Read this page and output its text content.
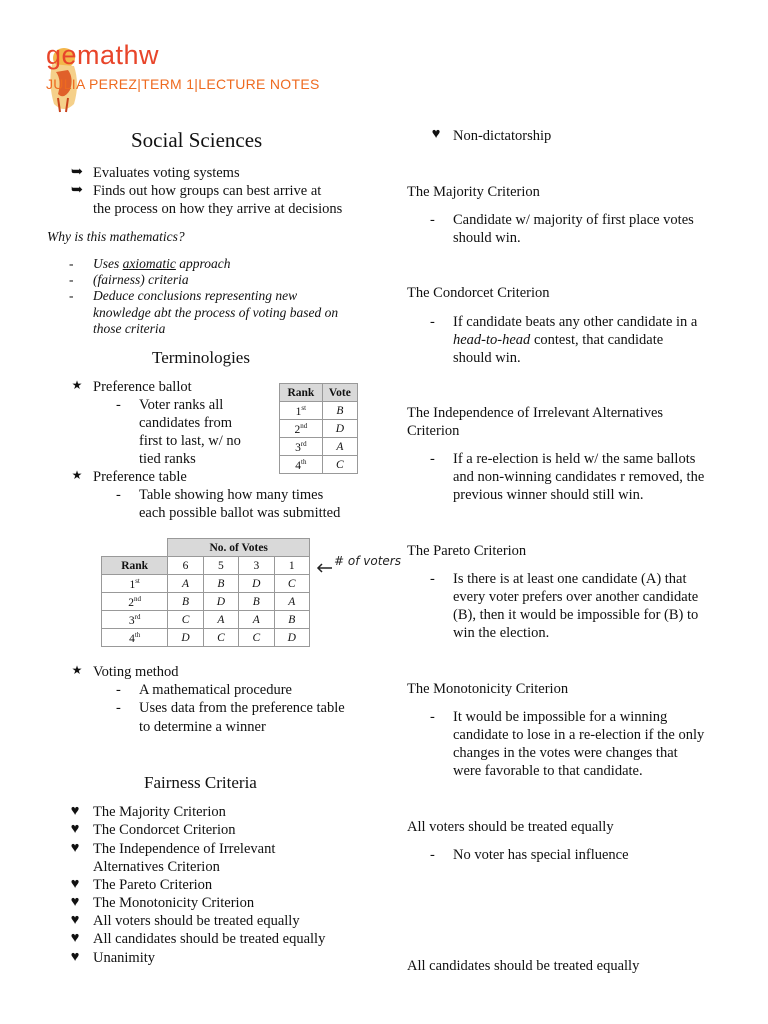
gemathw
JULIA PEREZ|TERM 1|LECTURE NOTES
Social Sciences
➥ Evaluates voting systems
➥ Finds out how groups can best arrive at
the process on how they arrive at decisions
Why is this mathematics?
- Uses axiomatic approach
- (fairness) criteria
- Deduce conclusions representing new
knowledge abt the process of voting based on
those criteria
Terminologies
★ Preference ballot
- Voter ranks all
candidates from
first to last, w/ no
tied ranks
Rank	Vote
1st	B
2nd	D
3rd	A
4th	C
★ Preference table
- Table showing how many times
each possible ballot was submitted
	No. of Votes			
Rank	6	5	3	1
1st	A	B	D	C
2nd	B	D	B	A
3rd	C	A	A	B
4th	D	C	C	D
# of voters
★ Voting method
- A mathematical procedure
- Uses data from the preference table
to determine a winner
Fairness Criteria
♥ The Majority Criterion
♥ The Condorcet Criterion
♥ The Independence of Irrelevant
Alternatives Criterion
♥ The Pareto Criterion
♥ The Monotonicity Criterion
♥ All voters should be treated equally
♥ All candidates should be treated equally
♥ Unanimity
♥ Non-dictatorship
The Majority Criterion
- Candidate w/ majority of first place votes
should win.
The Condorcet Criterion
- If candidate beats any other candidate in a
head-to-head contest, that candidate
should win.
The Independence of Irrelevant Alternatives
Criterion
- If a re-election is held w/ the same ballots
and non-winning candidates r removed, the
previous winner should still win.
The Pareto Criterion
- Is there is at least one candidate (A) that
every voter prefers over another candidate
(B), then it would be impossible for (B) to
win the election.
The Monotonicity Criterion
- It would be impossible for a winning
candidate to lose in a re-election if the only
changes in the votes were changes that
were favorable to that candidate.
All voters should be treated equally
- No voter has special influence
All candidates should be treated equally
